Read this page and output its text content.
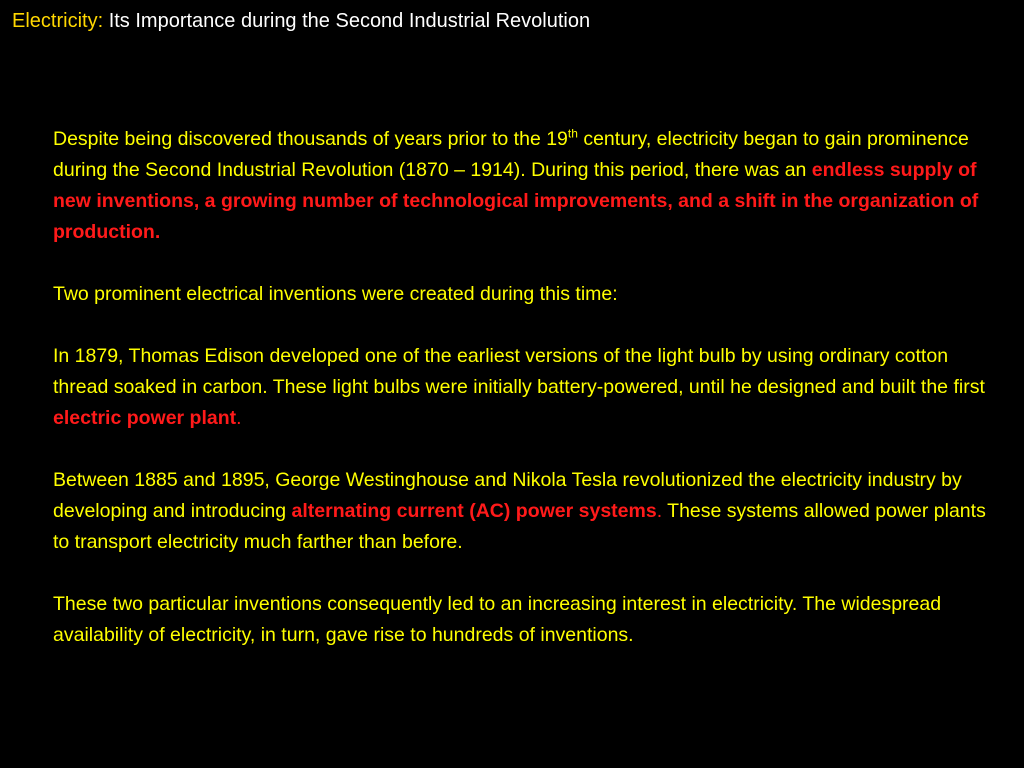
Electricity: Its Importance during the Second Industrial Revolution

Despite being discovered thousands of years prior to the 19th century, electricity began to gain prominence during the Second Industrial Revolution (1870 – 1914). During this period, there was an endless supply of new inventions, a growing number of technological improvements, and a shift in the organization of production.

Two prominent electrical inventions were created during this time:

In 1879, Thomas Edison developed one of the earliest versions of the light bulb by using ordinary cotton thread soaked in carbon. These light bulbs were initially battery-powered, until he designed and built the first electric power plant.

Between 1885 and 1895, George Westinghouse and Nikola Tesla revolutionized the electricity industry by developing and introducing alternating current (AC) power systems. These systems allowed power plants to transport electricity much farther than before.

These two particular inventions consequently led to an increasing interest in electricity. The widespread availability of electricity, in turn, gave rise to hundreds of inventions.
